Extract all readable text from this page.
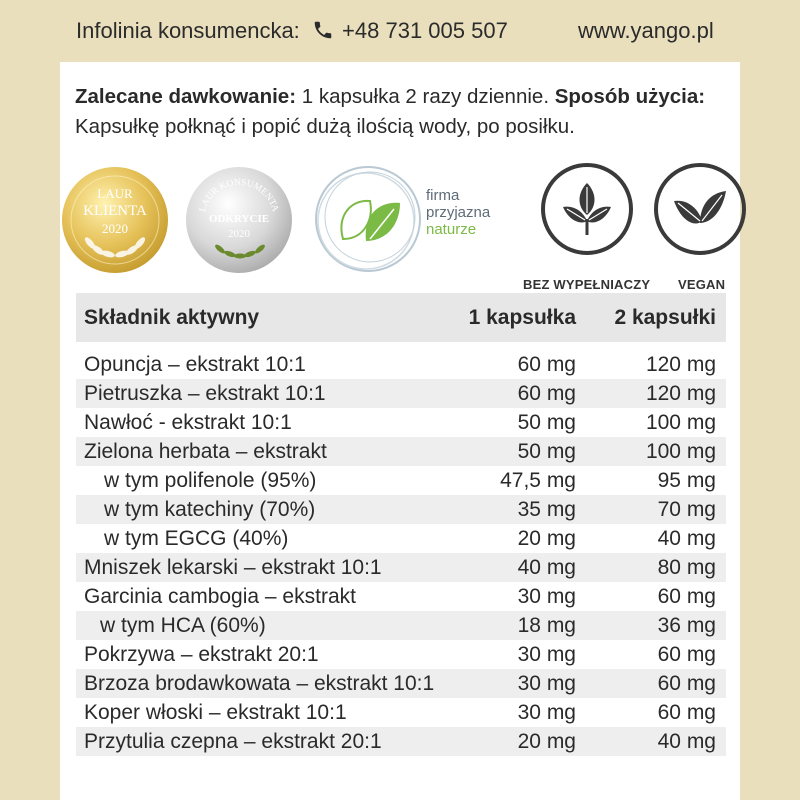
Infolinia konsumencka: +48 731 005 507	www.yango.pl
Zalecane dawkowanie: 1 kapsułka 2 razy dziennie. Sposób użycia:
Kapsułkę połknąć i popić dużą ilością wody, po posiłku.
LAUR
KLIENTA
2020
LAUR KONSUMENTA
ODKRYCIE
2020
firma
przyjazna
naturze
BEZ WYPEŁNIACZY VEGAN
Składnik aktywny	1 kapsułka	2 kapsułki

Opuncja – ekstrakt 10:1	60 mg	120 mg
Pietruszka – ekstrakt 10:1	60 mg	120 mg
Nawłoć - ekstrakt 10:1	50 mg	100 mg
Zielona herbata – ekstrakt	50 mg	100 mg
w tym polifenole (95%)	47,5 mg	95 mg
w tym katechiny (70%)	35 mg	70 mg
w tym EGCG (40%)	20 mg	40 mg
Mniszek lekarski – ekstrakt 10:1	40 mg	80 mg
Garcinia cambogia – ekstrakt	30 mg	60 mg
w tym HCA (60%)	18 mg	36 mg
Pokrzywa – ekstrakt 20:1	30 mg	60 mg
Brzoza brodawkowata – ekstrakt 10:1	30 mg	60 mg
Koper włoski – ekstrakt 10:1	30 mg	60 mg
Przytulia czepna – ekstrakt 20:1	20 mg	40 mg
